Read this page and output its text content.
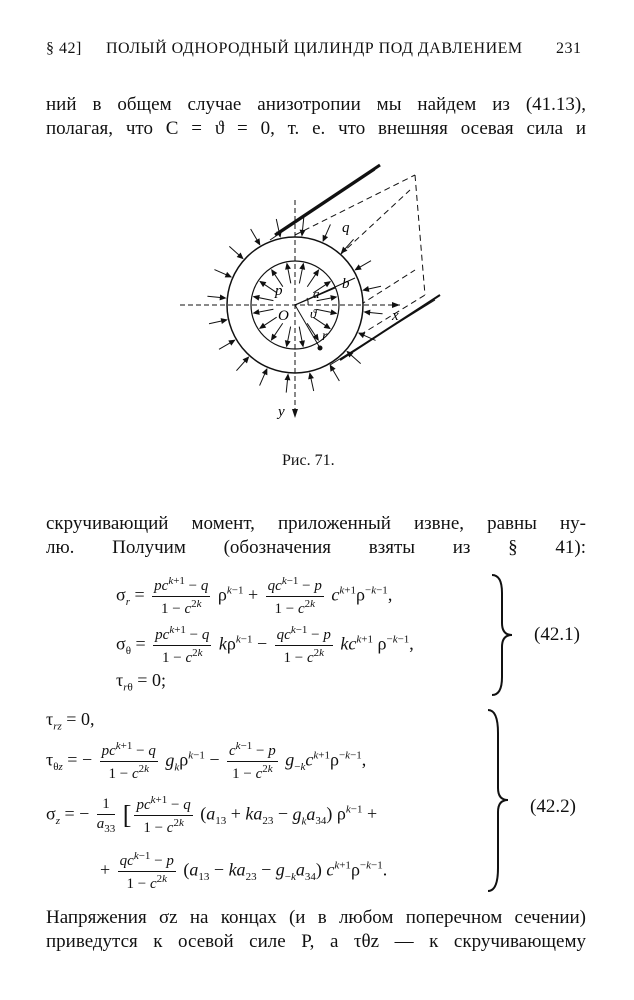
§ 42] ПОЛЫЙ ОДНОРОДНЫЙ ЦИЛИНДР ПОД ДАВЛЕНИЕМ 231
ний в общем случае анизотропии мы найдем из (41.13),
полагая, что C = ϑ = 0, т. е. что внешняя осевая сила и
q
p a
b
O ϑ
r
x
y
Рис. 71.
скручивающий момент, приложенный извне, равны ну-
лю. Получим (обозначения взяты из § 41):
$\sigma_r = \frac{pc^{k+1} - q}{1 - c^{2k}} \rho^{k-1} + \frac{qc^{k-1} - p}{1 - c^{2k}} c^{k+1}\rho^{-k-1}$,
$\sigma_\theta = \frac{pc^{k+1} - q}{1 - c^{2k}} k\rho^{k-1} - \frac{qc^{k-1} - p}{1 - c^{2k}} kc^{k+1}$ $\rho^{-k-1}$,
$\tau_{r\theta} = 0$;
(42.1)
$\tau_{rz} = 0$,
$\tau_{\theta z}$ = − $\frac{pc^{k+1} - q}{1 - c^{2k}} g_k\rho^{k-1} - \frac{c^{k-1} - p}{1 - c^{2k}} g_{-k}c^{k+1}\rho^{-k-1}$,
$\sigma_z$ = − $\frac{1}{a_{33}}$ [ $\frac{pc^{k+1} - q}{1 - c^{2k}} (a_{13} + ka_{23} - g_ka_{34}) \rho^{k-1}$ +
+ $\frac{qc^{k-1} - p}{1 - c^{2k}} (a_{13} - ka_{23} - g_{-k}a_{34})$ $c^{k+1}\rho^{-k-1}$.
(42.2)
Напряжения σz на концах (и в любом поперечном сечении)
приведутся к осевой силе P, а τθz — к скручивающему
